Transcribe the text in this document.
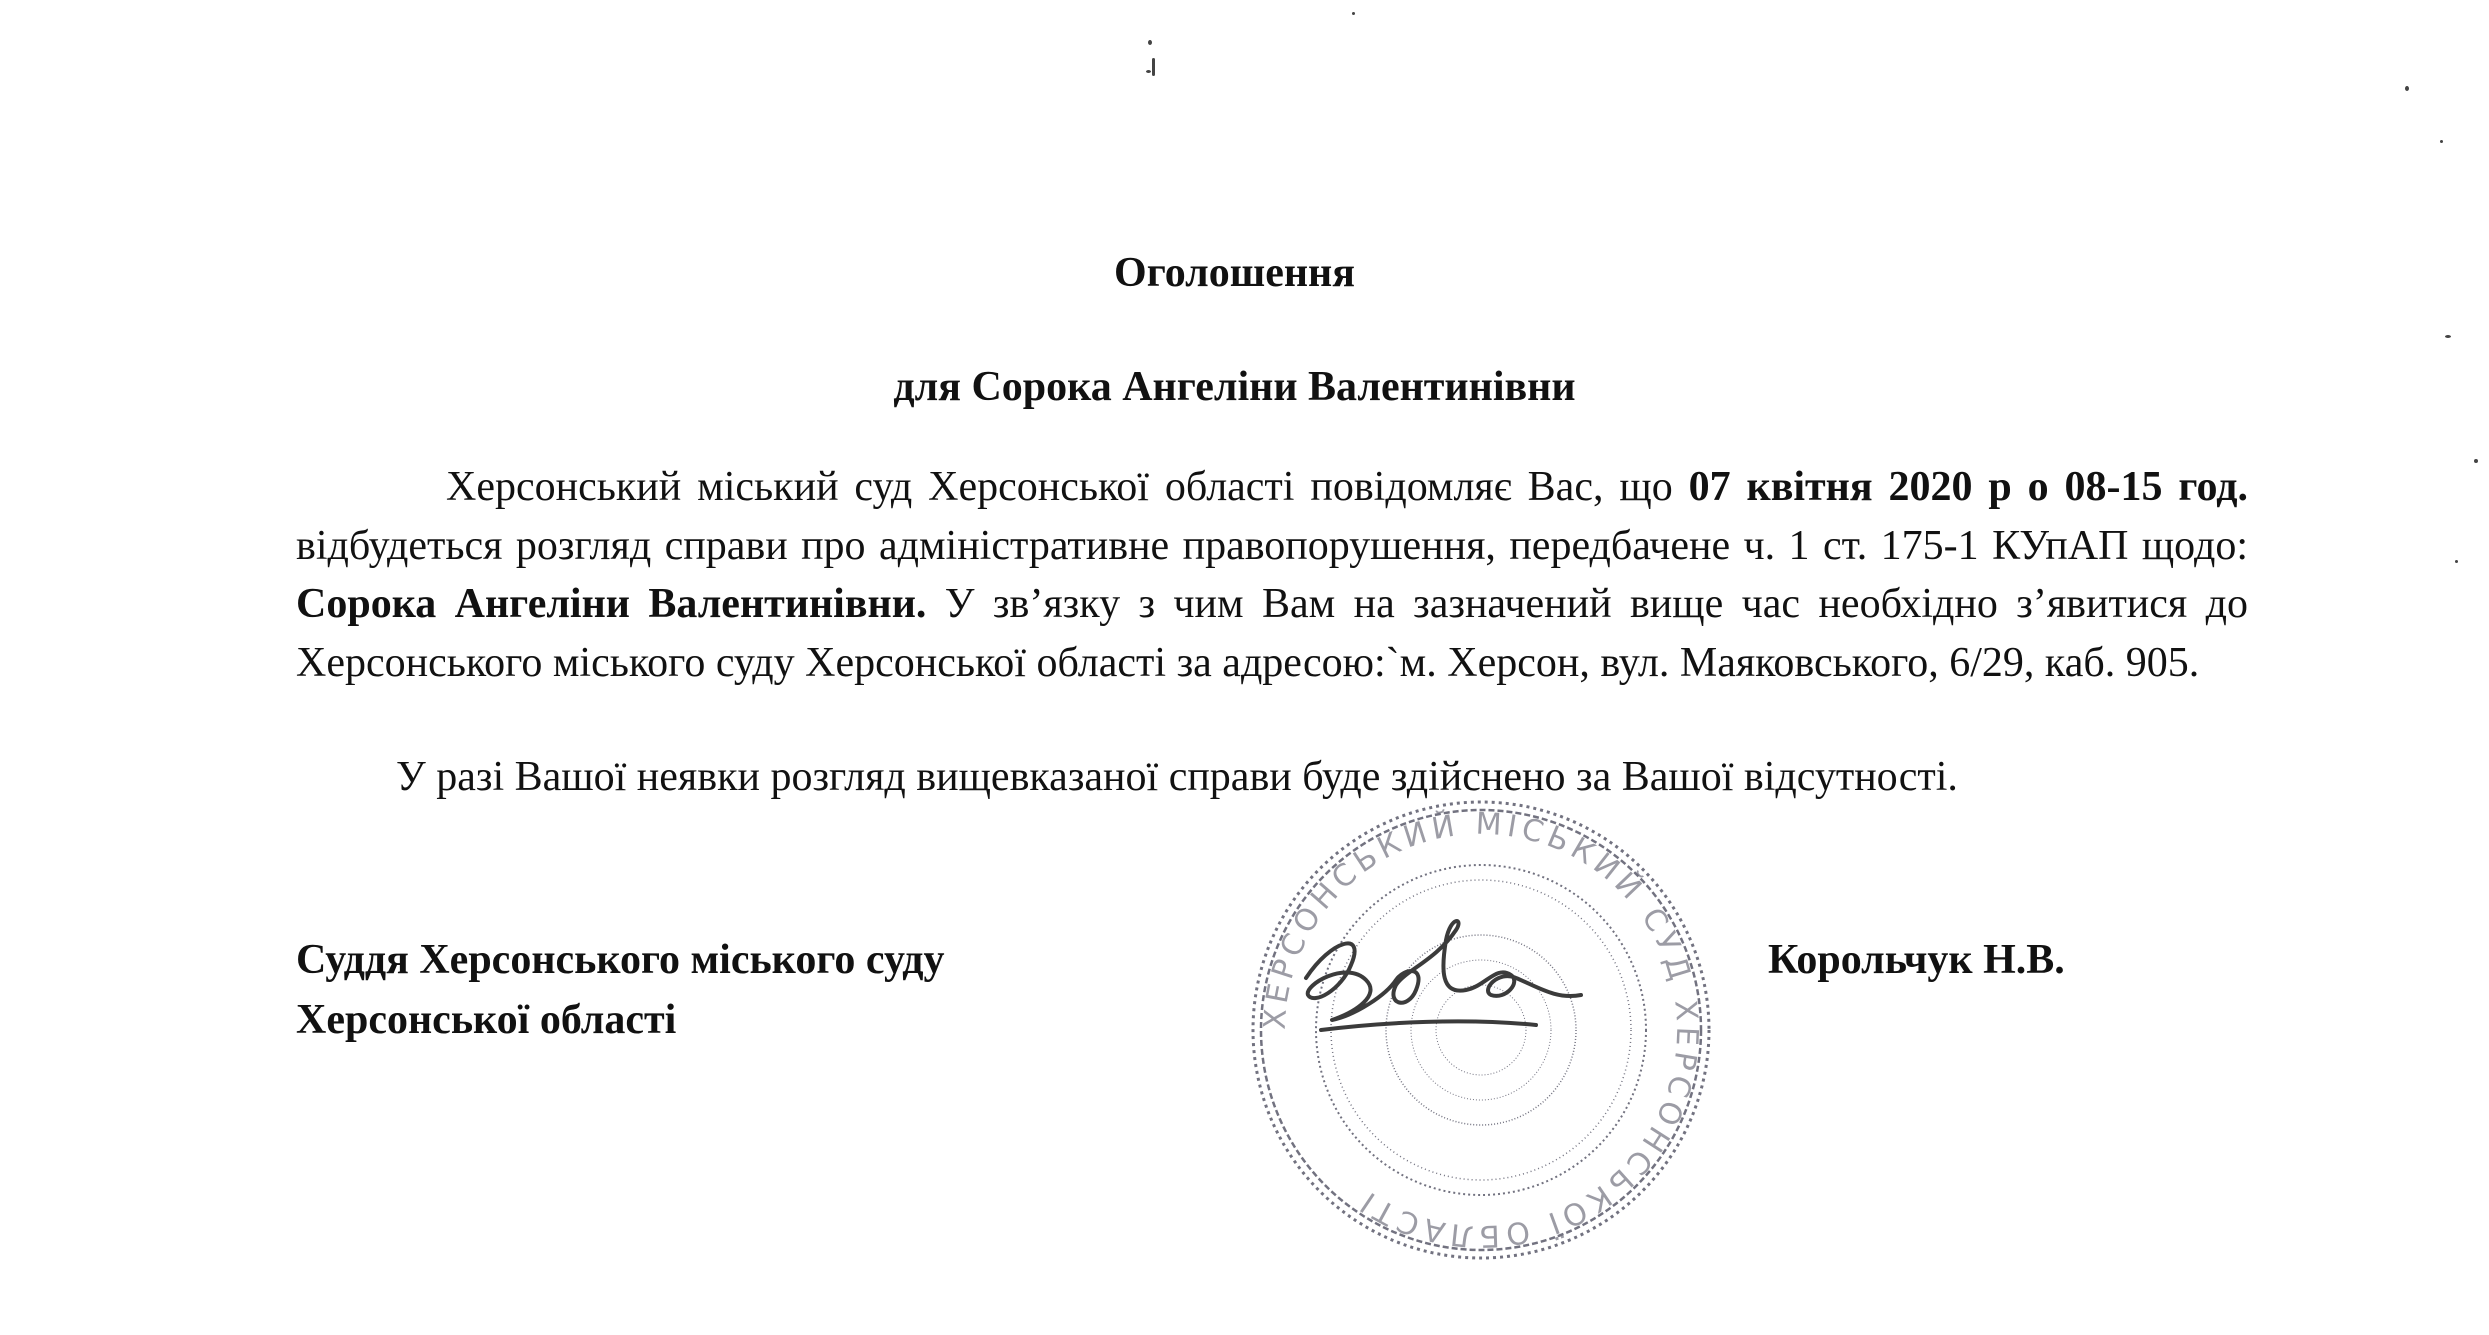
Оголошення
для Сорока Ангеліни Валентинівни

Херсонський міський суд Херсонської області повідомляє Вас, що 07 квітня 2020 р о 08-15 год. відбудеться розгляд справи про адміністративне правопорушення, передбачене ч. 1 ст. 175-1 КУпАП щодо: Сорока Ангеліни Валентинівни. У зв’язку з чим Вам на зазначений вище час необхідно з’явитися до Херсонського міського суду Херсонської області за адресою:`м. Херсон, вул. Маяковського, 6/29, каб. 905.

У разі Вашої неявки розгляд вищевказаної справи буде здійснено за Вашої відсутності.

Суддя Херсонського міського суду
Херсонської області
Корольчук Н.В.
ХЕРСОНСЬКИЙ МІСЬКИЙ СУД ХЕРСОНСЬКОЇ ОБЛАСТІ
